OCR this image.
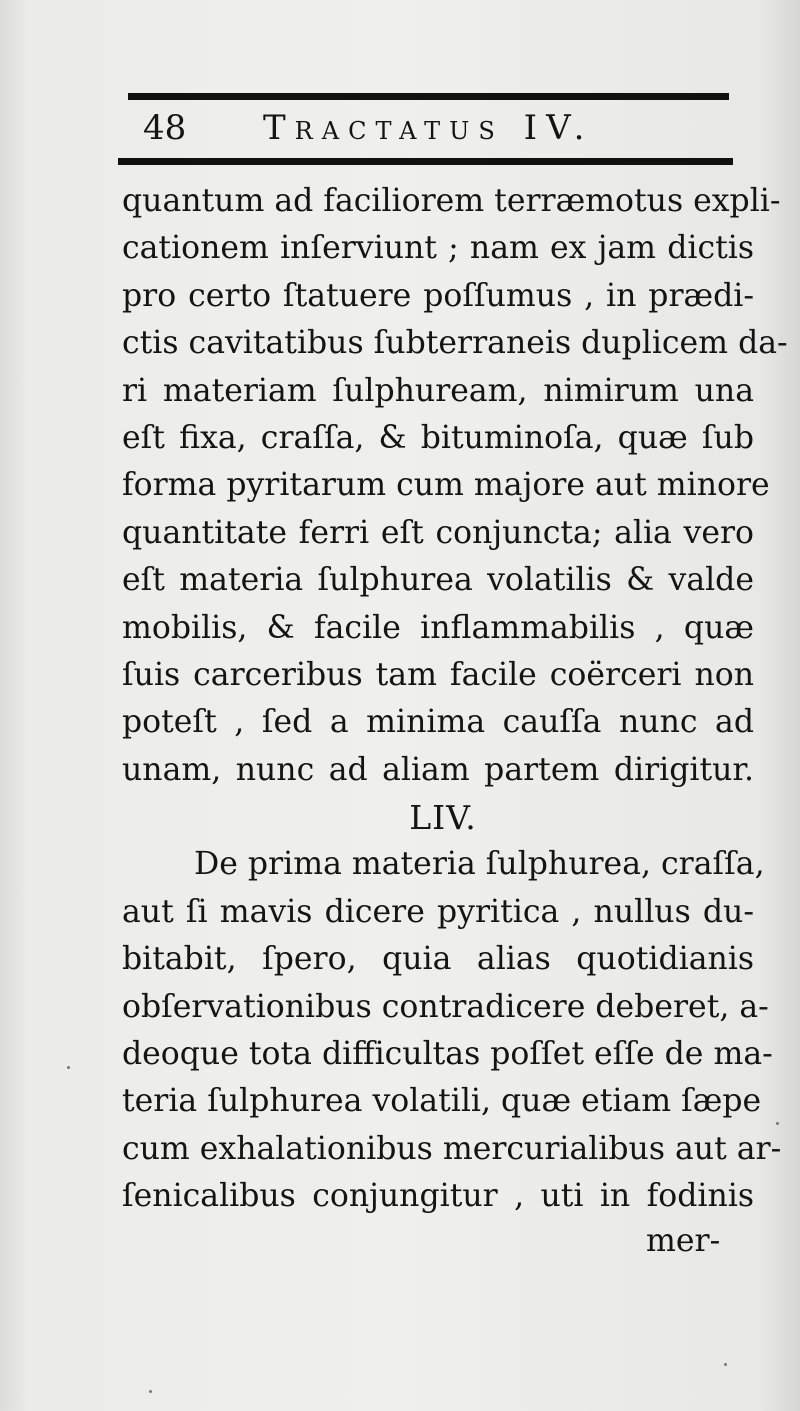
48 Tractatus IV.
quantum ad faciliorem terræmotus expli-
cationem inſerviunt ; nam ex jam dictis
pro certo ſtatuere poſſumus , in prædi-
ctis cavitatibus ſubterraneis duplicem da-
ri materiam ſulphuream, nimirum una
eſt fixa, craſſa, & bituminoſa, quæ ſub
forma pyritarum cum majore aut minore
quantitate ferri eſt conjuncta; alia vero
eſt materia ſulphurea volatilis & valde
mobilis, & facile inflammabilis , quæ
ſuis carceribus tam facile coërceri non
poteſt , ſed a minima cauſſa nunc ad
unam, nunc ad aliam partem dirigitur.
LIV.
De prima materia ſulphurea, craſſa,
aut ſi mavis dicere pyritica , nullus du-
bitabit, ſpero, quia alias quotidianis
obſervationibus contradicere deberet, a-
deoque tota difficultas poſſet eſſe de ma-
teria ſulphurea volatili, quæ etiam ſæpe
cum exhalationibus mercurialibus aut ar-
ſenicalibus conjungitur , uti in fodinis
mer-
